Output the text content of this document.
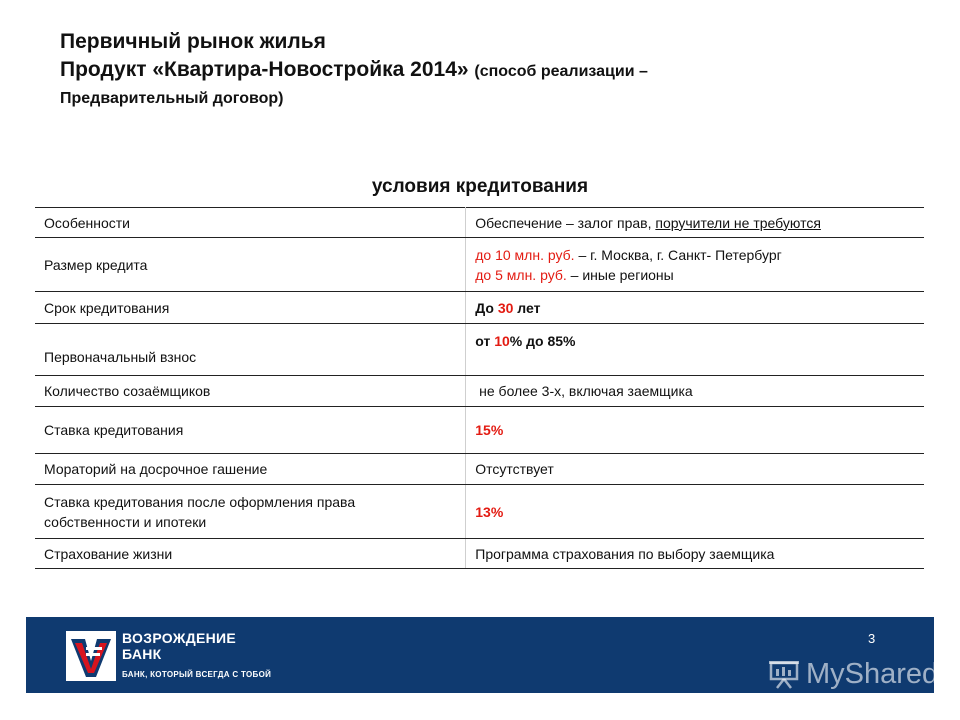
Первичный рынок жилья
Продукт «Квартира-Новостройка 2014» (способ реализации –
Предварительный договор)
условия кредитования
Особенности	Обеспечение – залог прав, поручители не требуются
Размер кредита	до 10 млн. руб. – г. Москва, г. Санкт- Петербург
до 5 млн. руб. – иные регионы

Срок кредитования	До 30 лет
Первоначальный взнос	от 10% до 85%
Количество созаёмщиков	не более 3-х, включая заемщика
Ставка кредитования	15%
Мораторий на досрочное гашение	Отсутствует

Ставка кредитования после оформления права
собственности и ипотеки	13%
Страхование жизни	Программа страхования по выбору заемщика
ВОЗРОЖДЕНИЕ
БАНК
БАНК, КОТОРЫЙ ВСЕГДА С ТОБОЙ
3
MyShared
